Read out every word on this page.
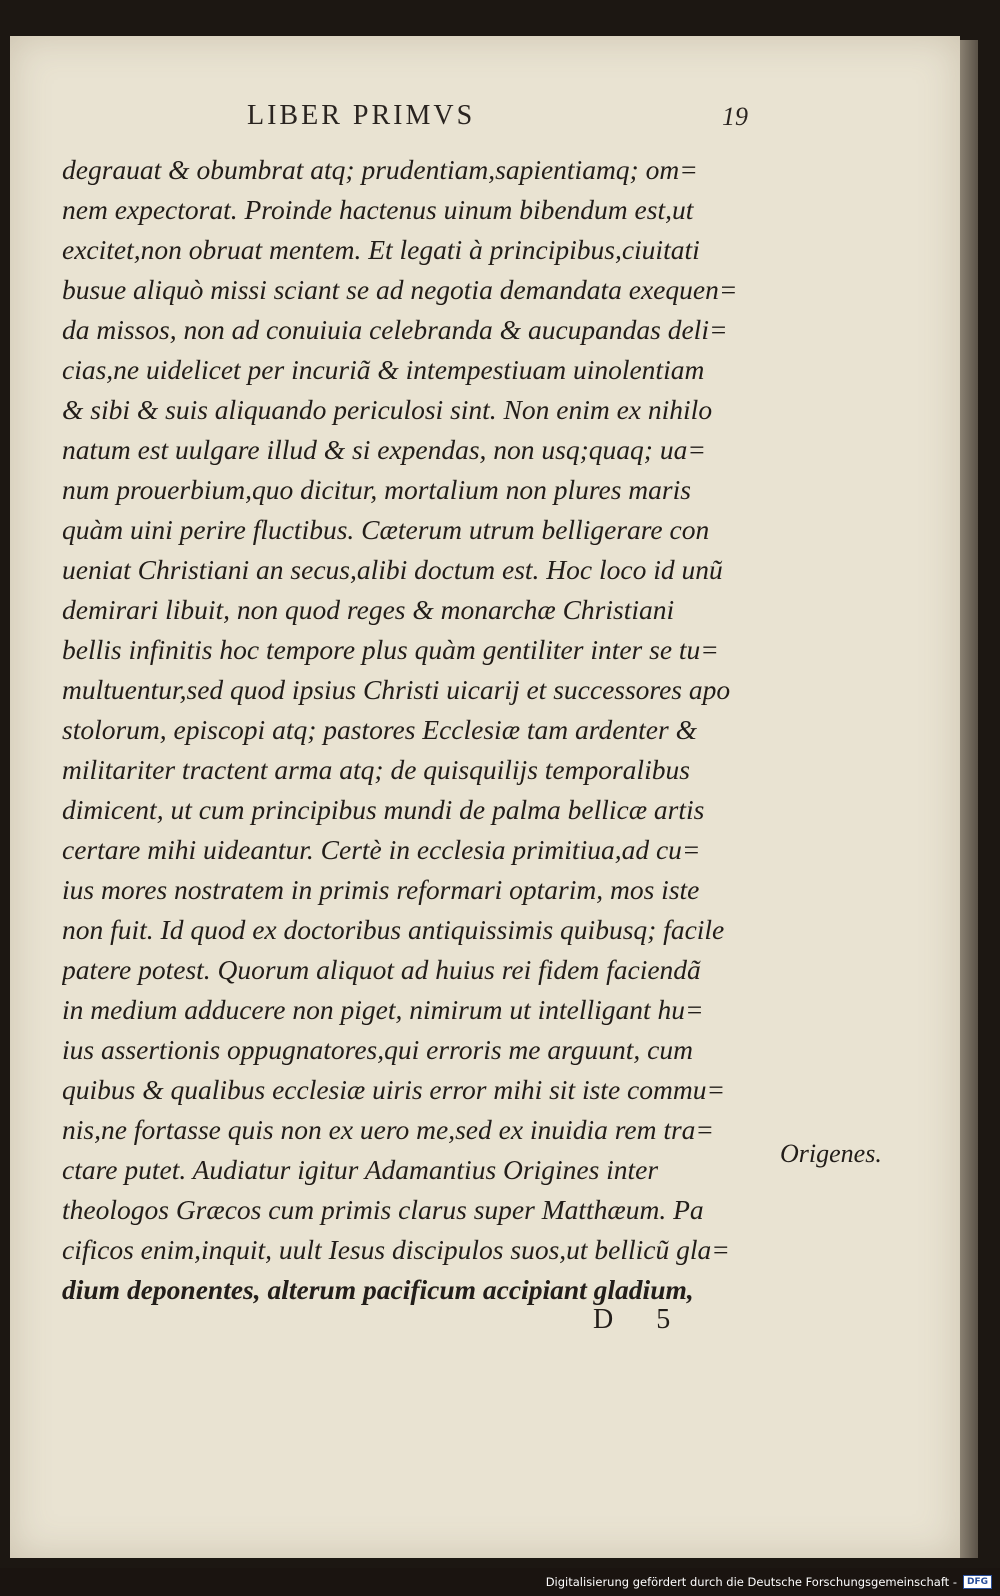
LIBER PRIMVS	19
degrauat & obumbrat atq; prudentiam,sapientiamq; om=
nem expectorat. Proinde hactenus uinum bibendum est,ut
excitet,non obruat mentem. Et legati à principibus,ciuitati
busue aliquò missi sciant se ad negotia demandata exequen=
da missos, non ad conuiuia celebranda & aucupandas deli=
cias,ne uidelicet per incuriã & intempestiuam uinolentiam
& sibi & suis aliquando periculosi sint. Non enim ex nihilo
natum est uulgare illud & si expendas, non usq;quaq; ua=
num prouerbium,quo dicitur, mortalium non plures maris
quàm uini perire fluctibus. Cæterum utrum belligerare con
ueniat Christiani an secus,alibi doctum est. Hoc loco id unũ
demirari libuit, non quod reges & monarchæ Christiani
bellis infinitis hoc tempore plus quàm gentiliter inter se tu=
multuentur,sed quod ipsius Christi uicarij et successores apo
stolorum, episcopi atq; pastores Ecclesiæ tam ardenter &
militariter tractent arma atq; de quisquilijs temporalibus
dimicent, ut cum principibus mundi de palma bellicæ artis
certare mihi uideantur. Certè in ecclesia primitiua,ad cu=
ius mores nostratem in primis reformari optarim, mos iste
non fuit. Id quod ex doctoribus antiquissimis quibusq; facile
patere potest. Quorum aliquot ad huius rei fidem faciendã
in medium adducere non piget, nimirum ut intelligant hu=
ius assertionis oppugnatores,qui erroris me arguunt, cum
quibus & qualibus ecclesiæ uiris error mihi sit iste commu=
nis,ne fortasse quis non ex uero me,sed ex inuidia rem tra=
ctare putet. Audiatur igitur Adamantius Origines inter
theologos Græcos cum primis clarus super Matthæum. Pa
cificos enim,inquit, uult Iesus discipulos suos,ut bellicũ gla=
dium deponentes, alterum pacificum accipiant gladium,
Origenes.
D 5
Digitalisierung gefördert durch die Deutsche Forschungsgemeinschaft -	DFG
